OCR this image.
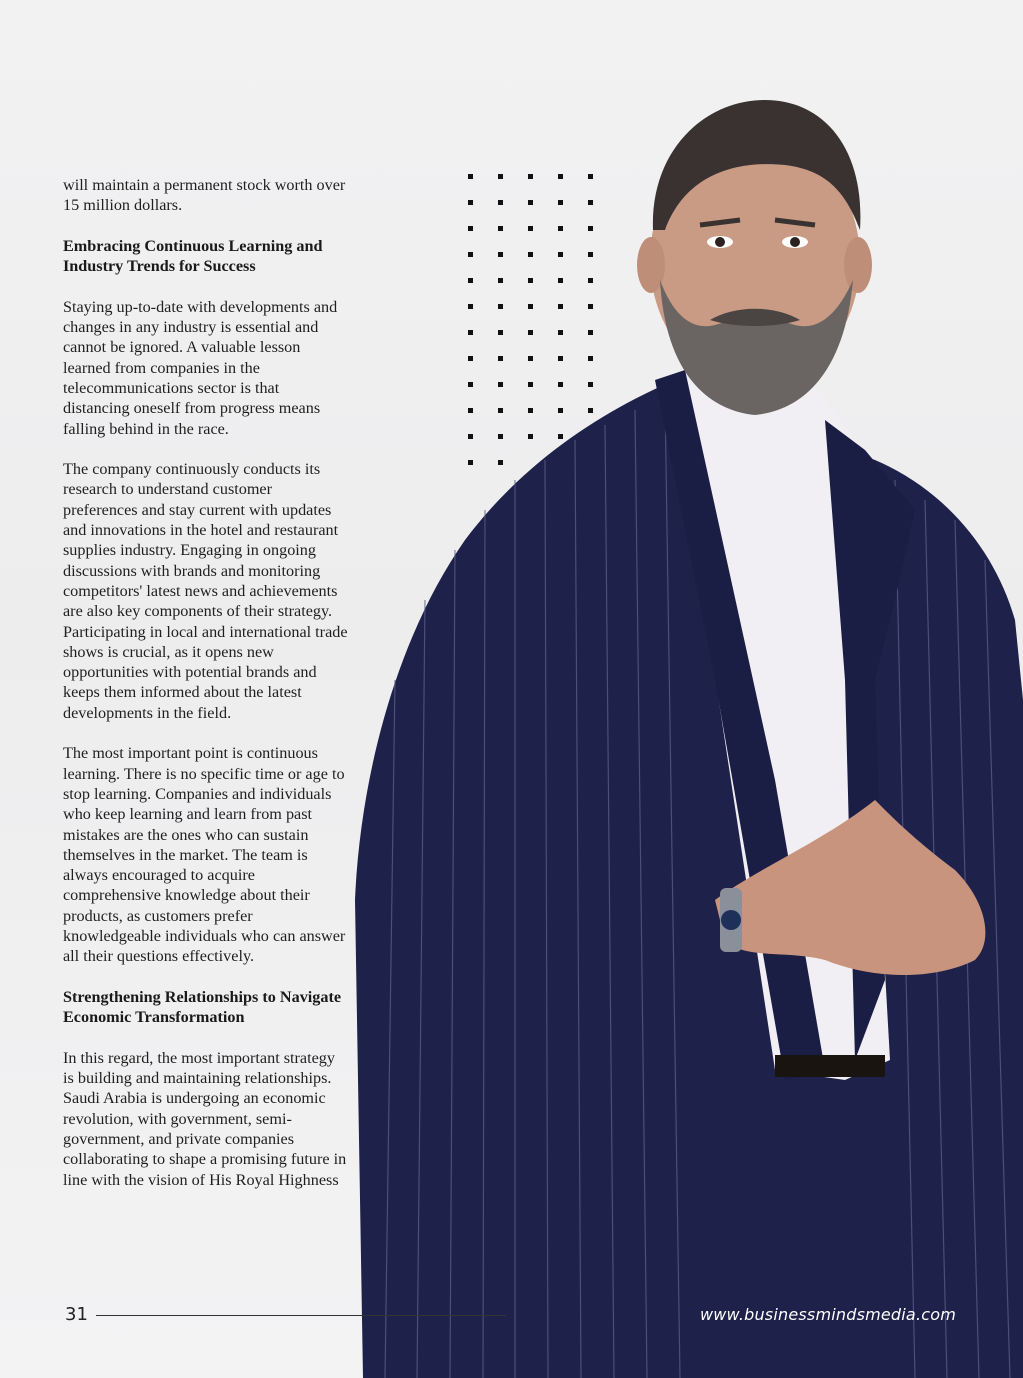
will maintain a permanent stock worth over 15 million dollars.

Embracing Continuous Learning and Industry Trends for Success

Staying up-to-date with developments and changes in any industry is essential and cannot be ignored. A valuable lesson learned from companies in the telecommunications sector is that distancing oneself from progress means falling behind in the race.

The company continuously conducts its research to understand customer preferences and stay current with updates and innovations in the hotel and restaurant supplies industry. Engaging in ongoing discussions with brands and monitoring competitors' latest news and achievements are also key components of their strategy. Participating in local and international trade shows is crucial, as it opens new opportunities with potential brands and keeps them informed about the latest developments in the field.

The most important point is continuous learning. There is no specific time or age to stop learning. Companies and individuals who keep learning and learn from past mistakes are the ones who can sustain themselves in the market. The team is always encouraged to acquire comprehensive knowledge about their products, as customers prefer knowledgeable individuals who can answer all their questions effectively.

Strengthening Relationships to Navigate Economic Transformation

In this regard, the most important strategy is building and maintaining relationships. Saudi Arabia is undergoing an economic revolution, with government, semi-government, and private companies collaborating to shape a promising future in line with the vision of His Royal Highness

31	www.businessmindsmedia.com
